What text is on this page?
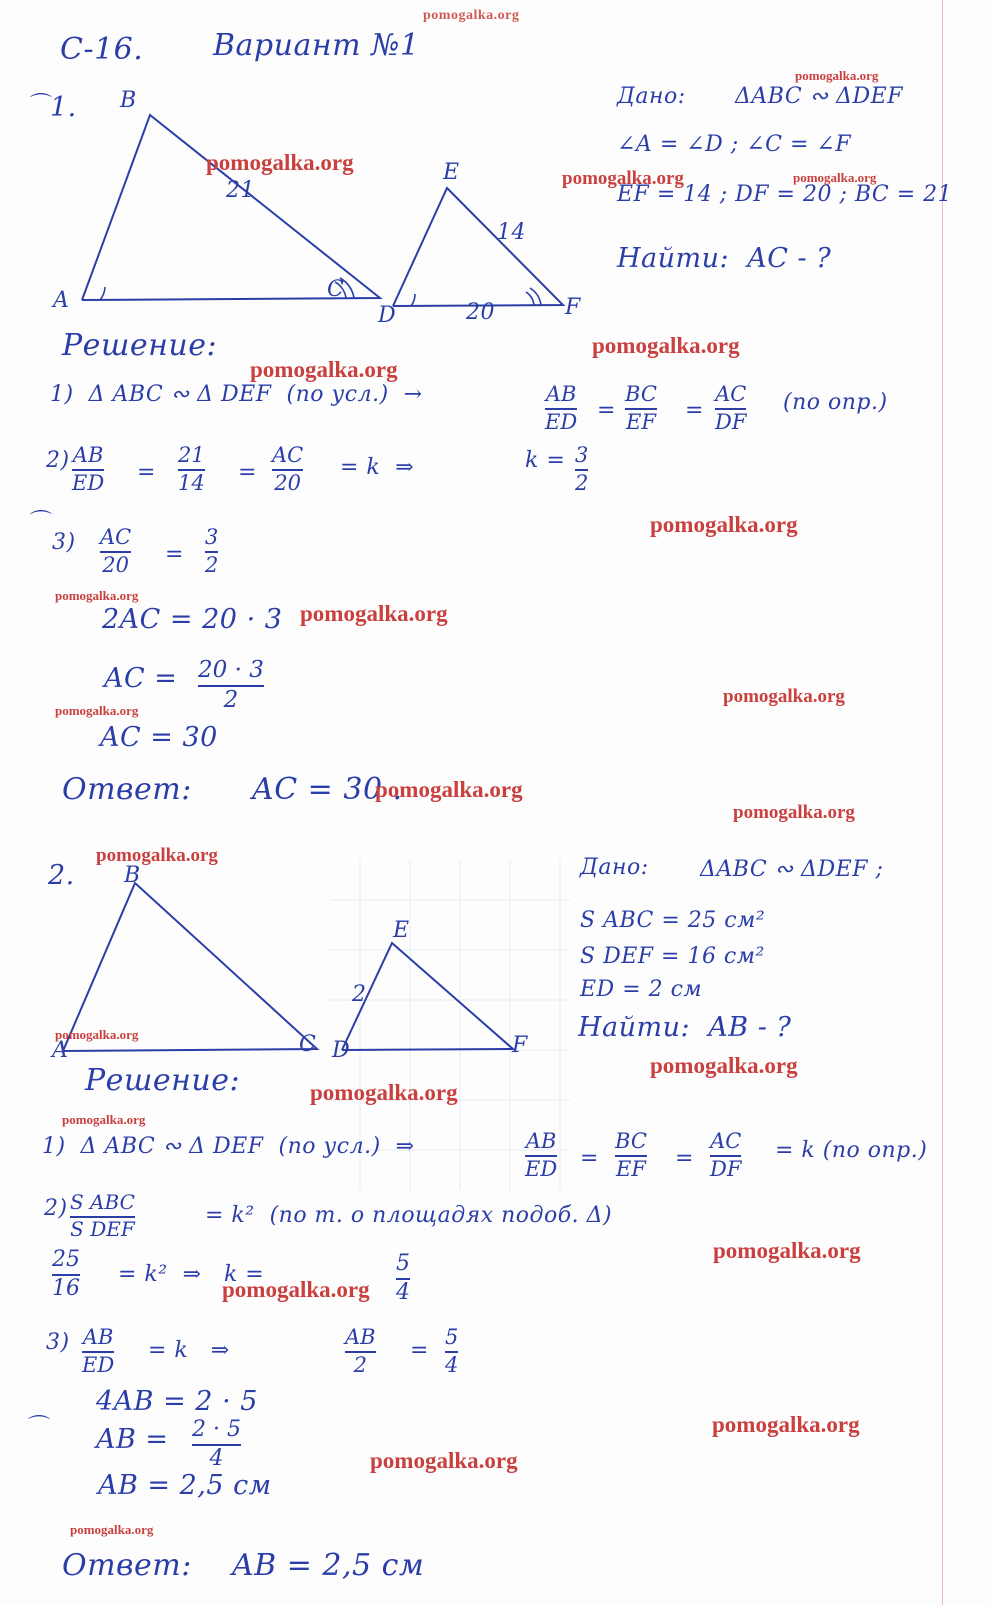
C-16. Вариант №1
1.
⌒	B
A	C
21
E
D	F
14
20
Дано: ΔABC ∾ ΔDEF
∠A = ∠D ; ∠C = ∠F
EF = 14 ; DF = 20 ; BC = 21
Найти:  AC - ?
Решение:
1)  Δ ABC ∾ Δ DEF  (по усл.)  →	AB
ED =
BC
EF =
AC
DF
(по опр.)
2) AB
ED =
21
14 =
AC
20
= k  ⇒	k = 3
2
⌒
3) AC
20 =
3
2
2AC = 20 · 3
AC = 20 · 3
2
AC = 30
Ответ:      AC = 30 .
2. B
A	C
E
D	F
2
Дано: ΔABC ∾ ΔDEF ;
S ABC = 25 см²
S DEF = 16 см²
ED = 2 см
Найти:  AB - ?
Решение:
1)  Δ ABC ∾ Δ DEF  (по усл.)  ⇒	AB
ED =
BC
EF =
AC
DF
= k (по опр.)
2) S ABC
S DEF
= k²  (по т. о площадях подоб. Δ)
25
16
= k²  ⇒   k =	5
4
3) AB
ED
= k   ⇒
AB
2
=
5
4
4AB = 2 · 5
AB = 2 · 5
4
⌒
AB = 2,5 см
Ответ:    AB = 2,5 см
pomogalka.org
pomogalka.org
pomogalka.org
pomogalka.org	pomogalka.org
pomogalka.org
pomogalka.org
pomogalka.org
pomogalka.org
pomogalka.org
pomogalka.org
pomogalka.org
pomogalka.org
pomogalka.org
pomogalka.org
pomogalka.org
pomogalka.org
pomogalka.org
pomogalka.org
pomogalka.org
pomogalka.org
pomogalka.org
pomogalka.org
pomogalka.org
